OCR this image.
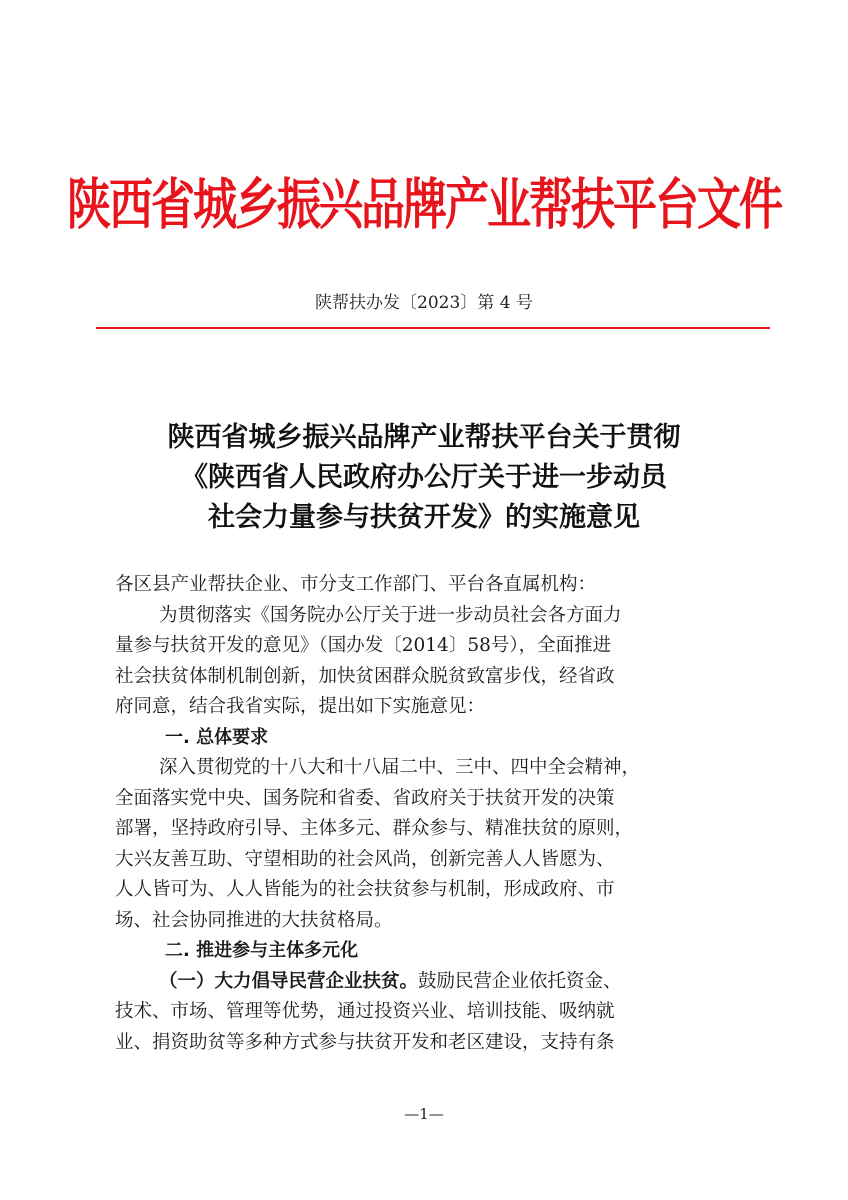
陕西省城乡振兴品牌产业帮扶平台文件
陕帮扶办发〔2023〕第 4 号
陕西省城乡振兴品牌产业帮扶平台关于贯彻
《陕西省人民政府办公厅关于进一步动员
社会力量参与扶贫开发》的实施意见
各区县产业帮扶企业、市分支工作部门、平台各直属机构：
为贯彻落实《国务院办公厅关于进一步动员社会各方面力
量参与扶贫开发的意见》（国办发〔2014〕58号），全面推进
社会扶贫体制机制创新，加快贫困群众脱贫致富步伐，经省政
府同意，结合我省实际，提出如下实施意见：
一. 总体要求
深入贯彻党的十八大和十八届二中、三中、四中全会精神，
全面落实党中央、国务院和省委、省政府关于扶贫开发的决策
部署，坚持政府引导、主体多元、群众参与、精准扶贫的原则，
大兴友善互助、守望相助的社会风尚，创新完善人人皆愿为、
人人皆可为、人人皆能为的社会扶贫参与机制，形成政府、市
场、社会协同推进的大扶贫格局。
二. 推进参与主体多元化
（一）大力倡导民营企业扶贫。鼓励民营企业依托资金、
技术、市场、管理等优势，通过投资兴业、培训技能、吸纳就
业、捐资助贫等多种方式参与扶贫开发和老区建设，支持有条
—1—
